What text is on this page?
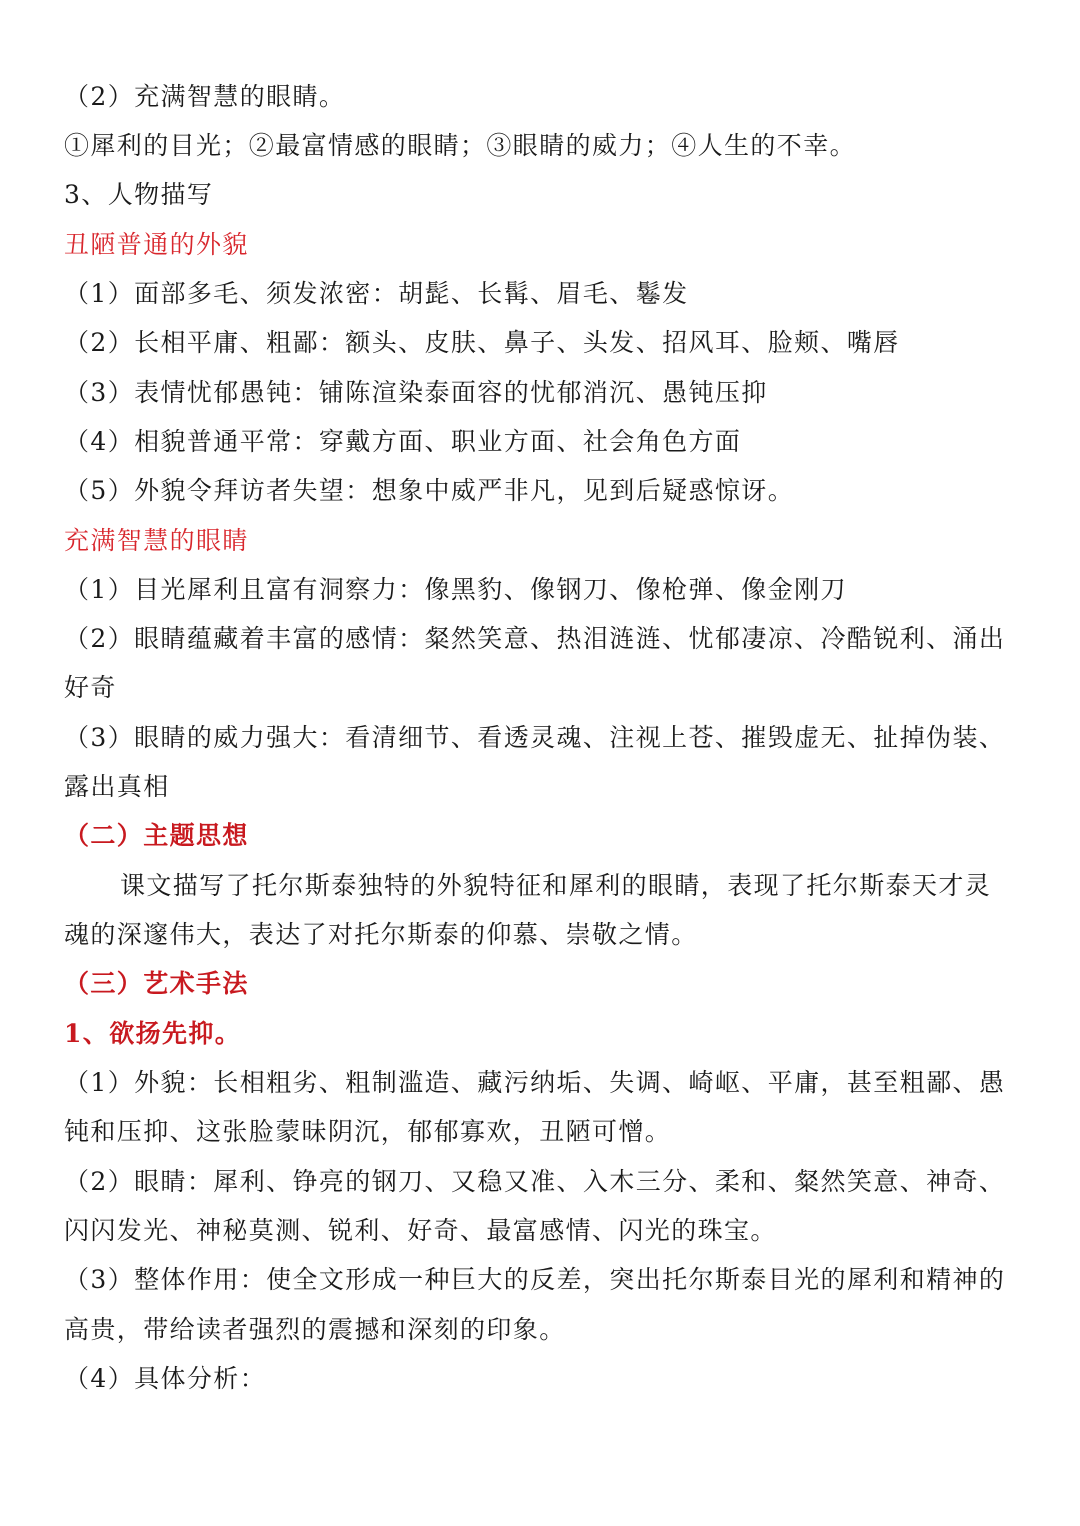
（2）充满智慧的眼睛。
①犀利的目光；②最富情感的眼睛；③眼睛的威力；④人生的不幸。
3、人物描写
丑陋普通的外貌
（1）面部多毛、须发浓密：胡髭、长髯、眉毛、鬈发
（2）长相平庸、粗鄙：额头、皮肤、鼻子、头发、招风耳、脸颊、嘴唇
（3）表情忧郁愚钝：铺陈渲染泰面容的忧郁消沉、愚钝压抑
（4）相貌普通平常：穿戴方面、职业方面、社会角色方面
（5）外貌令拜访者失望：想象中威严非凡，见到后疑惑惊讶。
充满智慧的眼睛
（1）目光犀利且富有洞察力：像黑豹、像钢刀、像枪弹、像金刚刀
（2）眼睛蕴藏着丰富的感情：粲然笑意、热泪涟涟、忧郁凄凉、冷酷锐利、涌出
好奇
（3）眼睛的威力强大：看清细节、看透灵魂、注视上苍、摧毁虚无、扯掉伪装、
露出真相
（二）主题思想
课文描写了托尔斯泰独特的外貌特征和犀利的眼睛，表现了托尔斯泰天才灵
魂的深邃伟大，表达了对托尔斯泰的仰慕、崇敬之情。
（三）艺术手法
1、欲扬先抑。
（1）外貌：长相粗劣、粗制滥造、藏污纳垢、失调、崎岖、平庸，甚至粗鄙、愚
钝和压抑、这张脸蒙昧阴沉，郁郁寡欢，丑陋可憎。
（2）眼睛：犀利、铮亮的钢刀、又稳又准、入木三分、柔和、粲然笑意、神奇、
闪闪发光、神秘莫测、锐利、好奇、最富感情、闪光的珠宝。
（3）整体作用：使全文形成一种巨大的反差，突出托尔斯泰目光的犀利和精神的
高贵，带给读者强烈的震撼和深刻的印象。
（4）具体分析：
